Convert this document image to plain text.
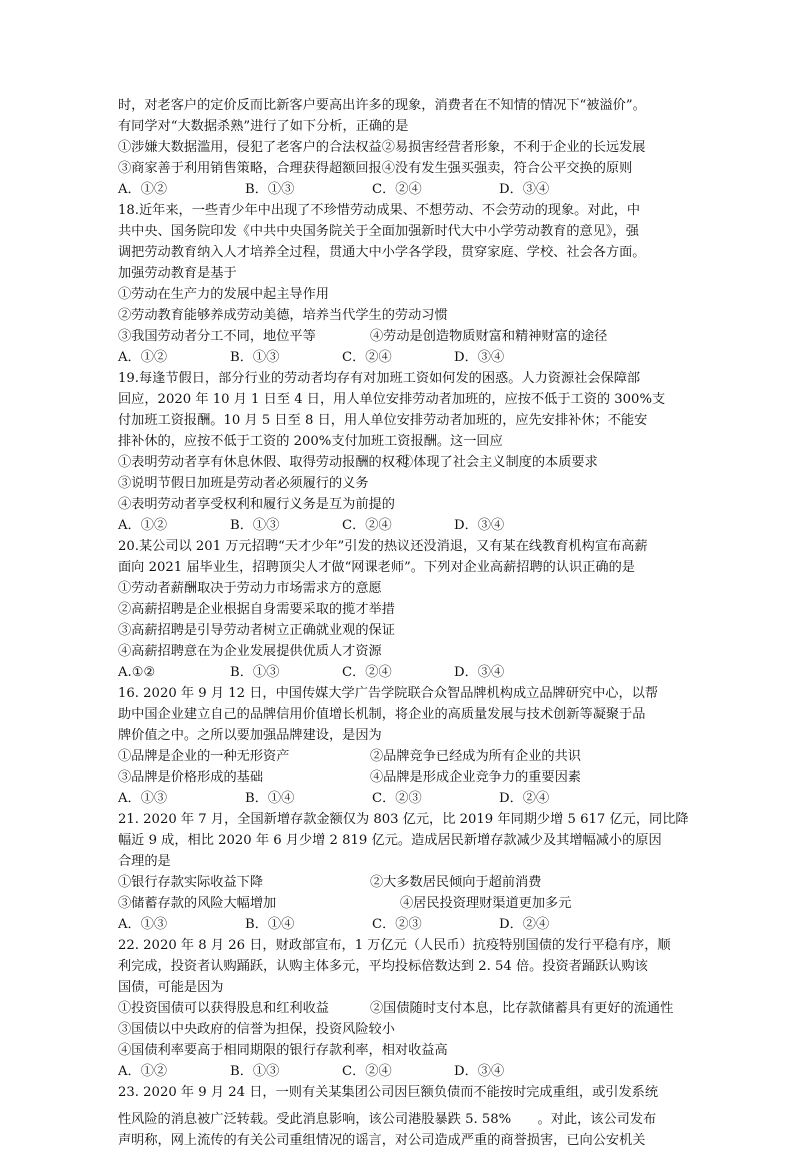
时，对老客户的定价反而比新客户要高出许多的现象，消费者在不知情的情况下“被溢价”。
有同学对“大数据杀熟”进行了如下分析，正确的是
①涉嫌大数据滥用，侵犯了老客户的合法权益②易损害经营者形象，不利于企业的长远发展
③商家善于利用销售策略，合理获得超额回报④没有发生强买强卖，符合公平交换的原则
A．①②	B．①③	C．②④	D．③④
18.近年来，一些青少年中出现了不珍惜劳动成果、不想劳动、不会劳动的现象。对此，中
共中央、国务院印发《中共中央国务院关于全面加强新时代大中小学劳动教育的意见》，强
调把劳动教育纳入人才培养全过程，贯通大中小学各学段，贯穿家庭、学校、社会各方面。
加强劳动教育是基于
①劳动在生产力的发展中起主导作用
②劳动教育能够养成劳动美德，培养当代学生的劳动习惯
③我国劳动者分工不同，地位平等	④劳动是创造物质财富和精神财富的途径
A．①②	B．①③	C．②④	D．③④
19.每逢节假日，部分行业的劳动者均存有对加班工资如何发的困惑。人力资源社会保障部
回应，2020 年 10 月 1 日至 4 日，用人单位安排劳动者加班的，应按不低于工资的 300%支
付加班工资报酬。10 月 5 日至 8 日，用人单位安排劳动者加班的，应先安排补休；不能安
排补休的，应按不低于工资的 200%支付加班工资报酬。这一回应
①表明劳动者享有休息休假、取得劳动报酬的权利
②体现了社会主义制度的本质要求
③说明节假日加班是劳动者必须履行的义务
④表明劳动者享受权利和履行义务是互为前提的
A．①②	B．①③	C．②④	D．③④
20.某公司以 201 万元招聘“天才少年”引发的热议还没消退，又有某在线教育机构宣布高薪
面向 2021 届毕业生，招聘顶尖人才做“网课老师”。下列对企业高薪招聘的认识正确的是
①劳动者薪酬取决于劳动力市场需求方的意愿
②高薪招聘是企业根据自身需要采取的揽才举措
③高薪招聘是引导劳动者树立正确就业观的保证
④高薪招聘意在为企业发展提供优质人才资源
A.①②	B．①③	C．②④	D．③④
16. 2020 年 9 月 12 日，中国传媒大学广告学院联合众智品牌机构成立品牌研究中心，以帮
助中国企业建立自己的品牌信用价值增长机制，将企业的高质量发展与技术创新等凝聚于品
牌价值之中。之所以要加强品牌建设，是因为
①品牌是企业的一种无形资产	②品牌竞争已经成为所有企业的共识
③品牌是价格形成的基础	④品牌是形成企业竞争力的重要因素
A．①③	B．①④	C．②③	D．②④
21. 2020 年 7 月，全国新增存款金额仅为 803 亿元，比 2019 年同期少增 5 617 亿元，同比降
幅近 9 成，相比 2020 年 6 月少增 2 819 亿元。造成居民新增存款减少及其增幅减小的原因
合理的是
①银行存款实际收益下降	②大多数居民倾向于超前消费
③储蓄存款的风险大幅增加	④居民投资理财渠道更加多元
A．①③	B．①④	C．②③	D．②④
22. 2020 年 8 月 26 日，财政部宣布，1 万亿元（人民币）抗疫特别国债的发行平稳有序，顺
利完成，投资者认购踊跃，认购主体多元，平均投标倍数达到 2. 54 倍。投资者踊跃认购该
国债，可能是因为
①投资国债可以获得股息和红利收益	②国债随时支付本息，比存款储蓄具有更好的流通性
③国债以中央政府的信誉为担保，投资风险较小
④国债利率要高于相同期限的银行存款利率，相对收益高
A．①②	B．①③	C．②④	D．③④
23. 2020 年 9 月 24 日，一则有关某集团公司因巨额负债而不能按时完成重组，或引发系统
性风险的消息被广泛转载。受此消息影响，该公司港股暴跌 5. 58%　　。对此，该公司发布
声明称，网上流传的有关公司重组情况的谣言，对公司造成严重的商誉损害，已向公安机关
